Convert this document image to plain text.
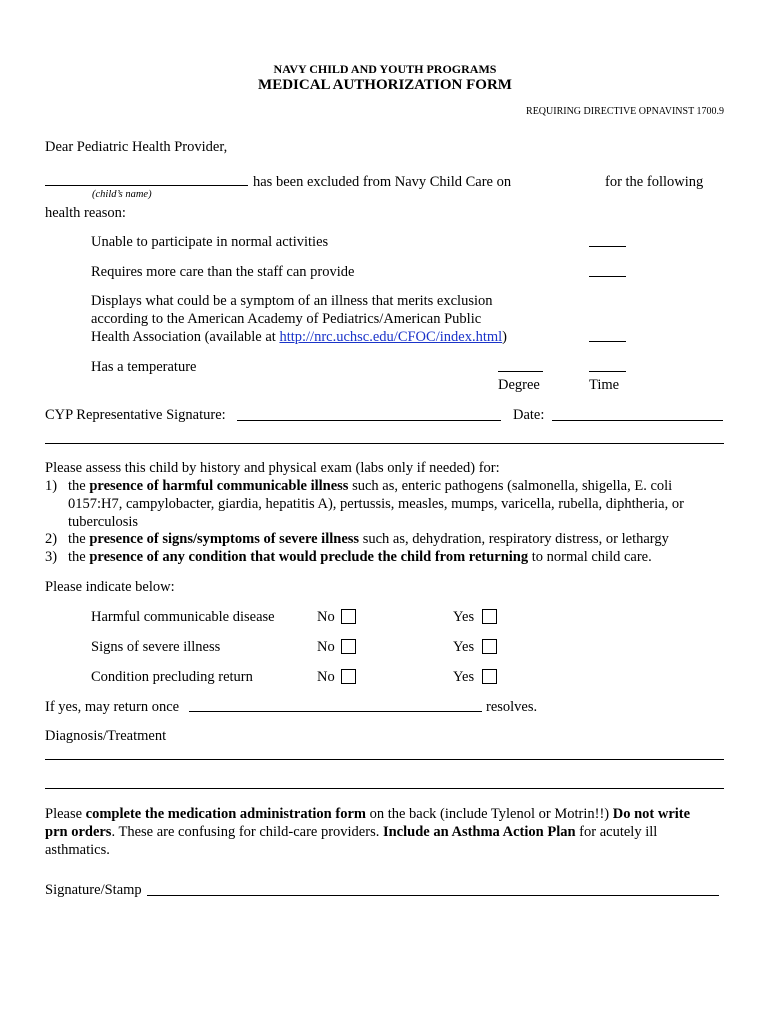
NAVY CHILD AND YOUTH PROGRAMS
MEDICAL AUTHORIZATION FORM
REQUIRING DIRECTIVE OPNAVINST 1700.9
Dear Pediatric Health Provider,
has been excluded from Navy Child Care on	for the following
(child’s name)
health reason:
Unable to participate in normal activities
Requires more care than the staff can provide
Displays what could be a symptom of an illness that merits exclusion
according to the American Academy of Pediatrics/American Public
Health Association (available at http://nrc.uchsc.edu/CFOC/index.html)
Has a temperature
Degree	Time
CYP Representative Signature:	Date:
Please assess this child by history and physical exam (labs only if needed) for:
1) the presence of harmful communicable illness such as, enteric pathogens (salmonella, shigella, E. coli
0157:H7, campylobacter, giardia, hepatitis A), pertussis, measles, mumps, varicella, rubella, diphtheria, or
tuberculosis
2) the presence of signs/symptoms of severe illness such as, dehydration, respiratory distress, or lethargy
3) the presence of any condition that would preclude the child from returning to normal child care.
Please indicate below:
Harmful communicable disease	No	Yes
Signs of severe illness	No	Yes
Condition precluding return	No	Yes
If yes, may return once	resolves.
Diagnosis/Treatment
Please complete the medication administration form on the back (include Tylenol or Motrin!!) Do not write
prn orders. These are confusing for child-care providers. Include an Asthma Action Plan for acutely ill
asthmatics.
Signature/Stamp
